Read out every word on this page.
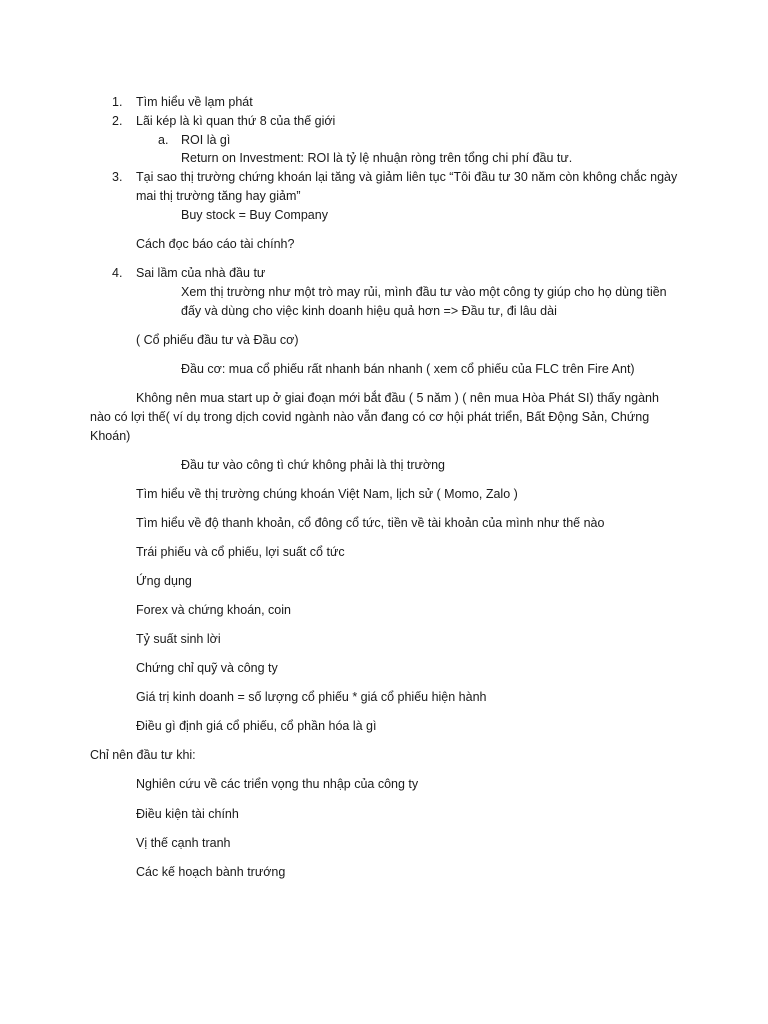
1. Tìm hiểu về lạm phát
2. Lãi kép là kì quan thứ 8 của thế giới
a. ROI là gì
Return on Investment: ROI là tỷ lệ nhuận ròng trên tổng chi phí đầu tư.
3. Tại sao thị trường chứng khoán lại tăng và giảm liên tục “Tôi đầu tư 30 năm còn không chắc ngày
mai thị trường tăng hay giảm”
Buy stock = Buy Company
Cách đọc báo cáo tài chính?
4. Sai lầm của nhà đầu tư
Xem thị trường như một trò may rủi, mình đầu tư vào một công ty giúp cho họ dùng tiền
đấy và dùng cho việc kinh doanh hiệu quả hơn => Đầu tư, đi lâu dài
( Cổ phiếu đầu tư và Đầu cơ)
Đầu cơ: mua cổ phiếu rất nhanh bán nhanh ( xem cổ phiếu của FLC trên Fire Ant)
Không nên mua start up ở giai đoạn mới bắt đầu ( 5 năm ) ( nên mua Hòa Phát SI) thấy ngành
nào có lợi thế( ví dụ trong dịch covid ngành nào vẫn đang có cơ hội phát triển, Bất Động Sản, Chứng
Khoán)
Đầu tư vào công tì chứ không phải là thị trường
Tìm hiểu về thị trường chúng khoán Việt Nam, lịch sử ( Momo, Zalo )
Tìm hiểu về độ thanh khoản, cổ đông cổ tức, tiền về tài khoản của mình như thế nào
Trái phiếu và cổ phiếu, lợi suất cổ tức
Ứng dụng
Forex và chứng khoán, coin
Tỷ suất sinh lời
Chứng chỉ quỹ và công ty
Giá trị kinh doanh = số lượng cổ phiếu * giá cổ phiếu hiện hành
Điều gì định giá cổ phiếu, cổ phần hóa là gì
Chỉ nên đầu tư khi:
Nghiên cứu về các triển vọng thu nhập của công ty
Điều kiện tài chính
Vị thế cạnh tranh
Các kế hoạch bành trướng
